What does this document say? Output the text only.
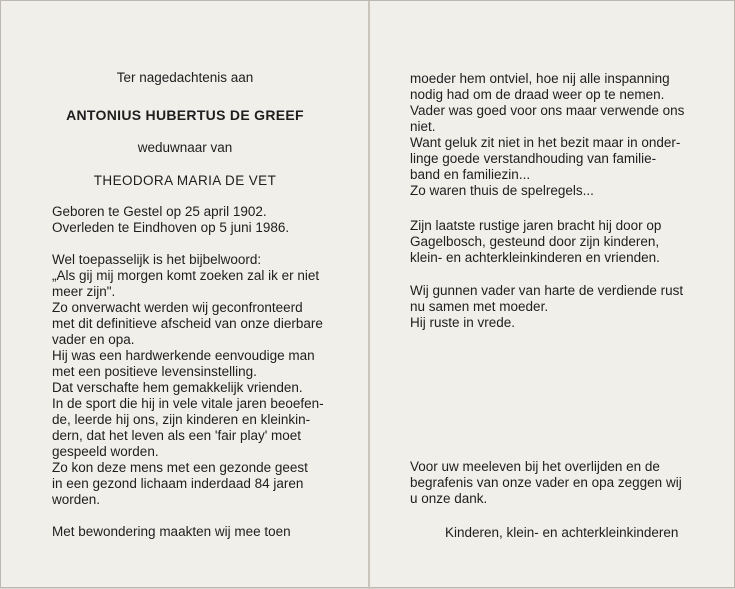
Ter nagedachtenis aan
ANTONIUS HUBERTUS DE GREEF
weduwnaar van
THEODORA MARIA DE VET
Geboren te Gestel op 25 april 1902.
Overleden te Eindhoven op 5 juni 1986.
Wel toepasselijk is het bijbelwoord:
„Als gij mij morgen komt zoeken zal ik er niet
meer zijn".
Zo onverwacht werden wij geconfronteerd
met dit definitieve afscheid van onze dierbare
vader en opa.
Hij was een hardwerkende eenvoudige man
met een positieve levensinstelling.
Dat verschafte hem gemakkelijk vrienden.
In de sport die hij in vele vitale jaren beoefen-
de, leerde hij ons, zijn kinderen en kleinkin-
dern, dat het leven als een 'fair play' moet
gespeeld worden.
Zo kon deze mens met een gezonde geest
in een gezond lichaam inderdaad 84 jaren
worden.
Met bewondering maakten wij mee toen
moeder hem ontviel, hoe nij alle inspanning
nodig had om de draad weer op te nemen.
Vader was goed voor ons maar verwende ons
niet.
Want geluk zit niet in het bezit maar in onder-
linge goede verstandhouding van familie-
band en familiezin...
Zo waren thuis de spelregels...
Zijn laatste rustige jaren bracht hij door op
Gagelbosch, gesteund door zijn kinderen,
klein- en achterkleinkinderen en vrienden.
Wij gunnen vader van harte de verdiende rust
nu samen met moeder.
Hij ruste in vrede.
Voor uw meeleven bij het overlijden en de
begrafenis van onze vader en opa zeggen wij
u onze dank.
Kinderen, klein- en achterkleinkinderen
